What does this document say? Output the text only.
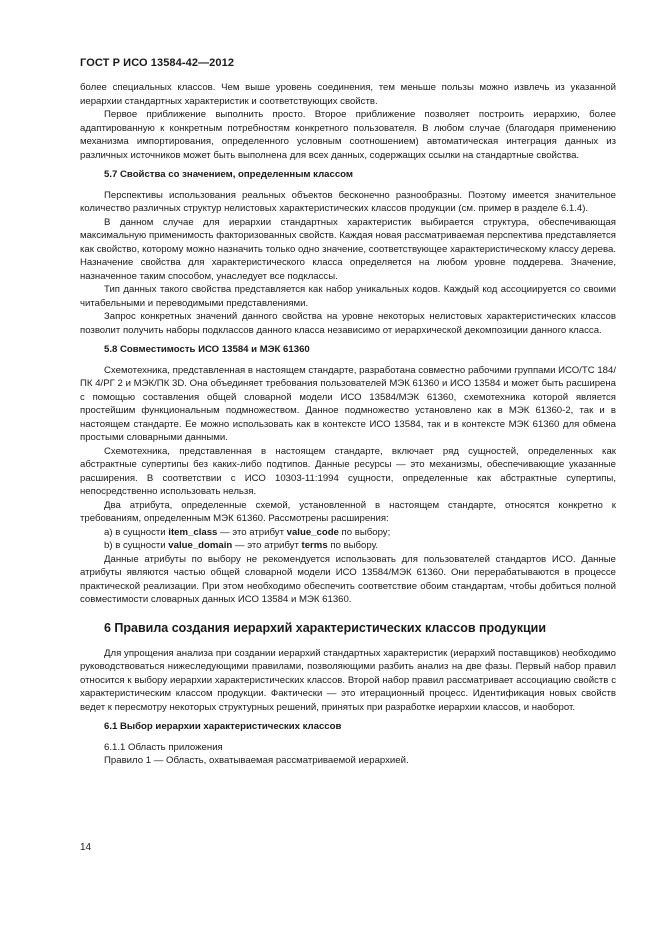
ГОСТ Р ИСО 13584-42—2012

более специальных классов. Чем выше уровень соединения, тем меньше пользы можно извлечь из указанной иерархии стандартных характеристик и соответствующих свойств.

Первое приближение выполнить просто. Второе приближение позволяет построить иерархию, более адаптированную к конкретным потребностям конкретного пользователя. В любом случае (благодаря применению механизма импортирования, определенного условным соотношением) автоматическая интеграция данных из различных источников может быть выполнена для всех данных, содержащих ссылки на стандартные свойства.

5.7 Свойства со значением, определенным классом

Перспективы использования реальных объектов бесконечно разнообразны. Поэтому имеется значительное количество различных структур нелистовых характеристических классов продукции (см. пример в разделе 6.1.4).

В данном случае для иерархии стандартных характеристик выбирается структура, обеспечивающая максимальную применимость факторизованных свойств. Каждая новая рассматриваемая перспектива представляется как свойство, которому можно назначить только одно значение, соответствующее характеристическому классу дерева. Назначение свойства для характеристического класса определяется на любом уровне поддерева. Значение, назначенное таким способом, унаследует все подклассы.

Тип данных такого свойства представляется как набор уникальных кодов. Каждый код ассоциируется со своими читабельными и переводимыми представлениями.

Запрос конкретных значений данного свойства на уровне некоторых нелистовых характеристических классов позволит получить наборы подклассов данного класса независимо от иерархической декомпозиции данного класса.

5.8 Совместимость ИСО 13584 и МЭК 61360

Схемотехника, представленная в настоящем стандарте, разработана совместно рабочими группами ИСО/ТС 184/ПК 4/РГ 2 и МЭК/ПК 3D. Она объединяет требования пользователей МЭК 61360 и ИСО 13584 и может быть расширена с помощью составления общей словарной модели ИСО 13584/МЭК 61360, схемотехника которой является простейшим функциональным подмножеством. Данное подмножество установлено как в МЭК 61360-2, так и в настоящем стандарте. Ее можно использовать как в контексте ИСО 13584, так и в контексте МЭК 61360 для обмена простыми словарными данными.

Схемотехника, представленная в настоящем стандарте, включает ряд сущностей, определенных как абстрактные супертипы без каких-либо подтипов. Данные ресурсы — это механизмы, обеспечивающие указанные расширения. В соответствии с ИСО 10303-11:1994 сущности, определенные как абстрактные супертипы, непосредственно использовать нельзя.

Два атрибута, определенные схемой, установленной в настоящем стандарте, относятся конкретно к требованиям, определенным МЭК 61360. Рассмотрены расширения:

а) в сущности item_class — это атрибут value_code по выбору;

b) в сущности value_domain — это атрибут terms по выбору.

Данные атрибуты по выбору не рекомендуется использовать для пользователей стандартов ИСО. Данные атрибуты являются частью общей словарной модели ИСО 13584/МЭК 61360. Они перерабатываются в процессе практической реализации. При этом необходимо обеспечить соответствие обоим стандартам, чтобы добиться полной совместимости словарных данных ИСО 13584 и МЭК 61360.

6 Правила создания иерархий характеристических классов продукции

Для упрощения анализа при создании иерархий стандартных характеристик (иерархий поставщиков) необходимо руководствоваться нижеследующими правилами, позволяющими разбить анализ на две фазы. Первый набор правил относится к выбору иерархии характеристических классов. Второй набор правил рассматривает ассоциацию свойств с характеристическим классом продукции. Фактически — это итерационный процесс. Идентификация новых свойств ведет к пересмотру некоторых структурных решений, принятых при разработке иерархии классов, и наоборот.

6.1 Выбор иерархии характеристических классов

6.1.1 Область приложения

Правило 1 — Область, охватываемая рассматриваемой иерархией.

14
